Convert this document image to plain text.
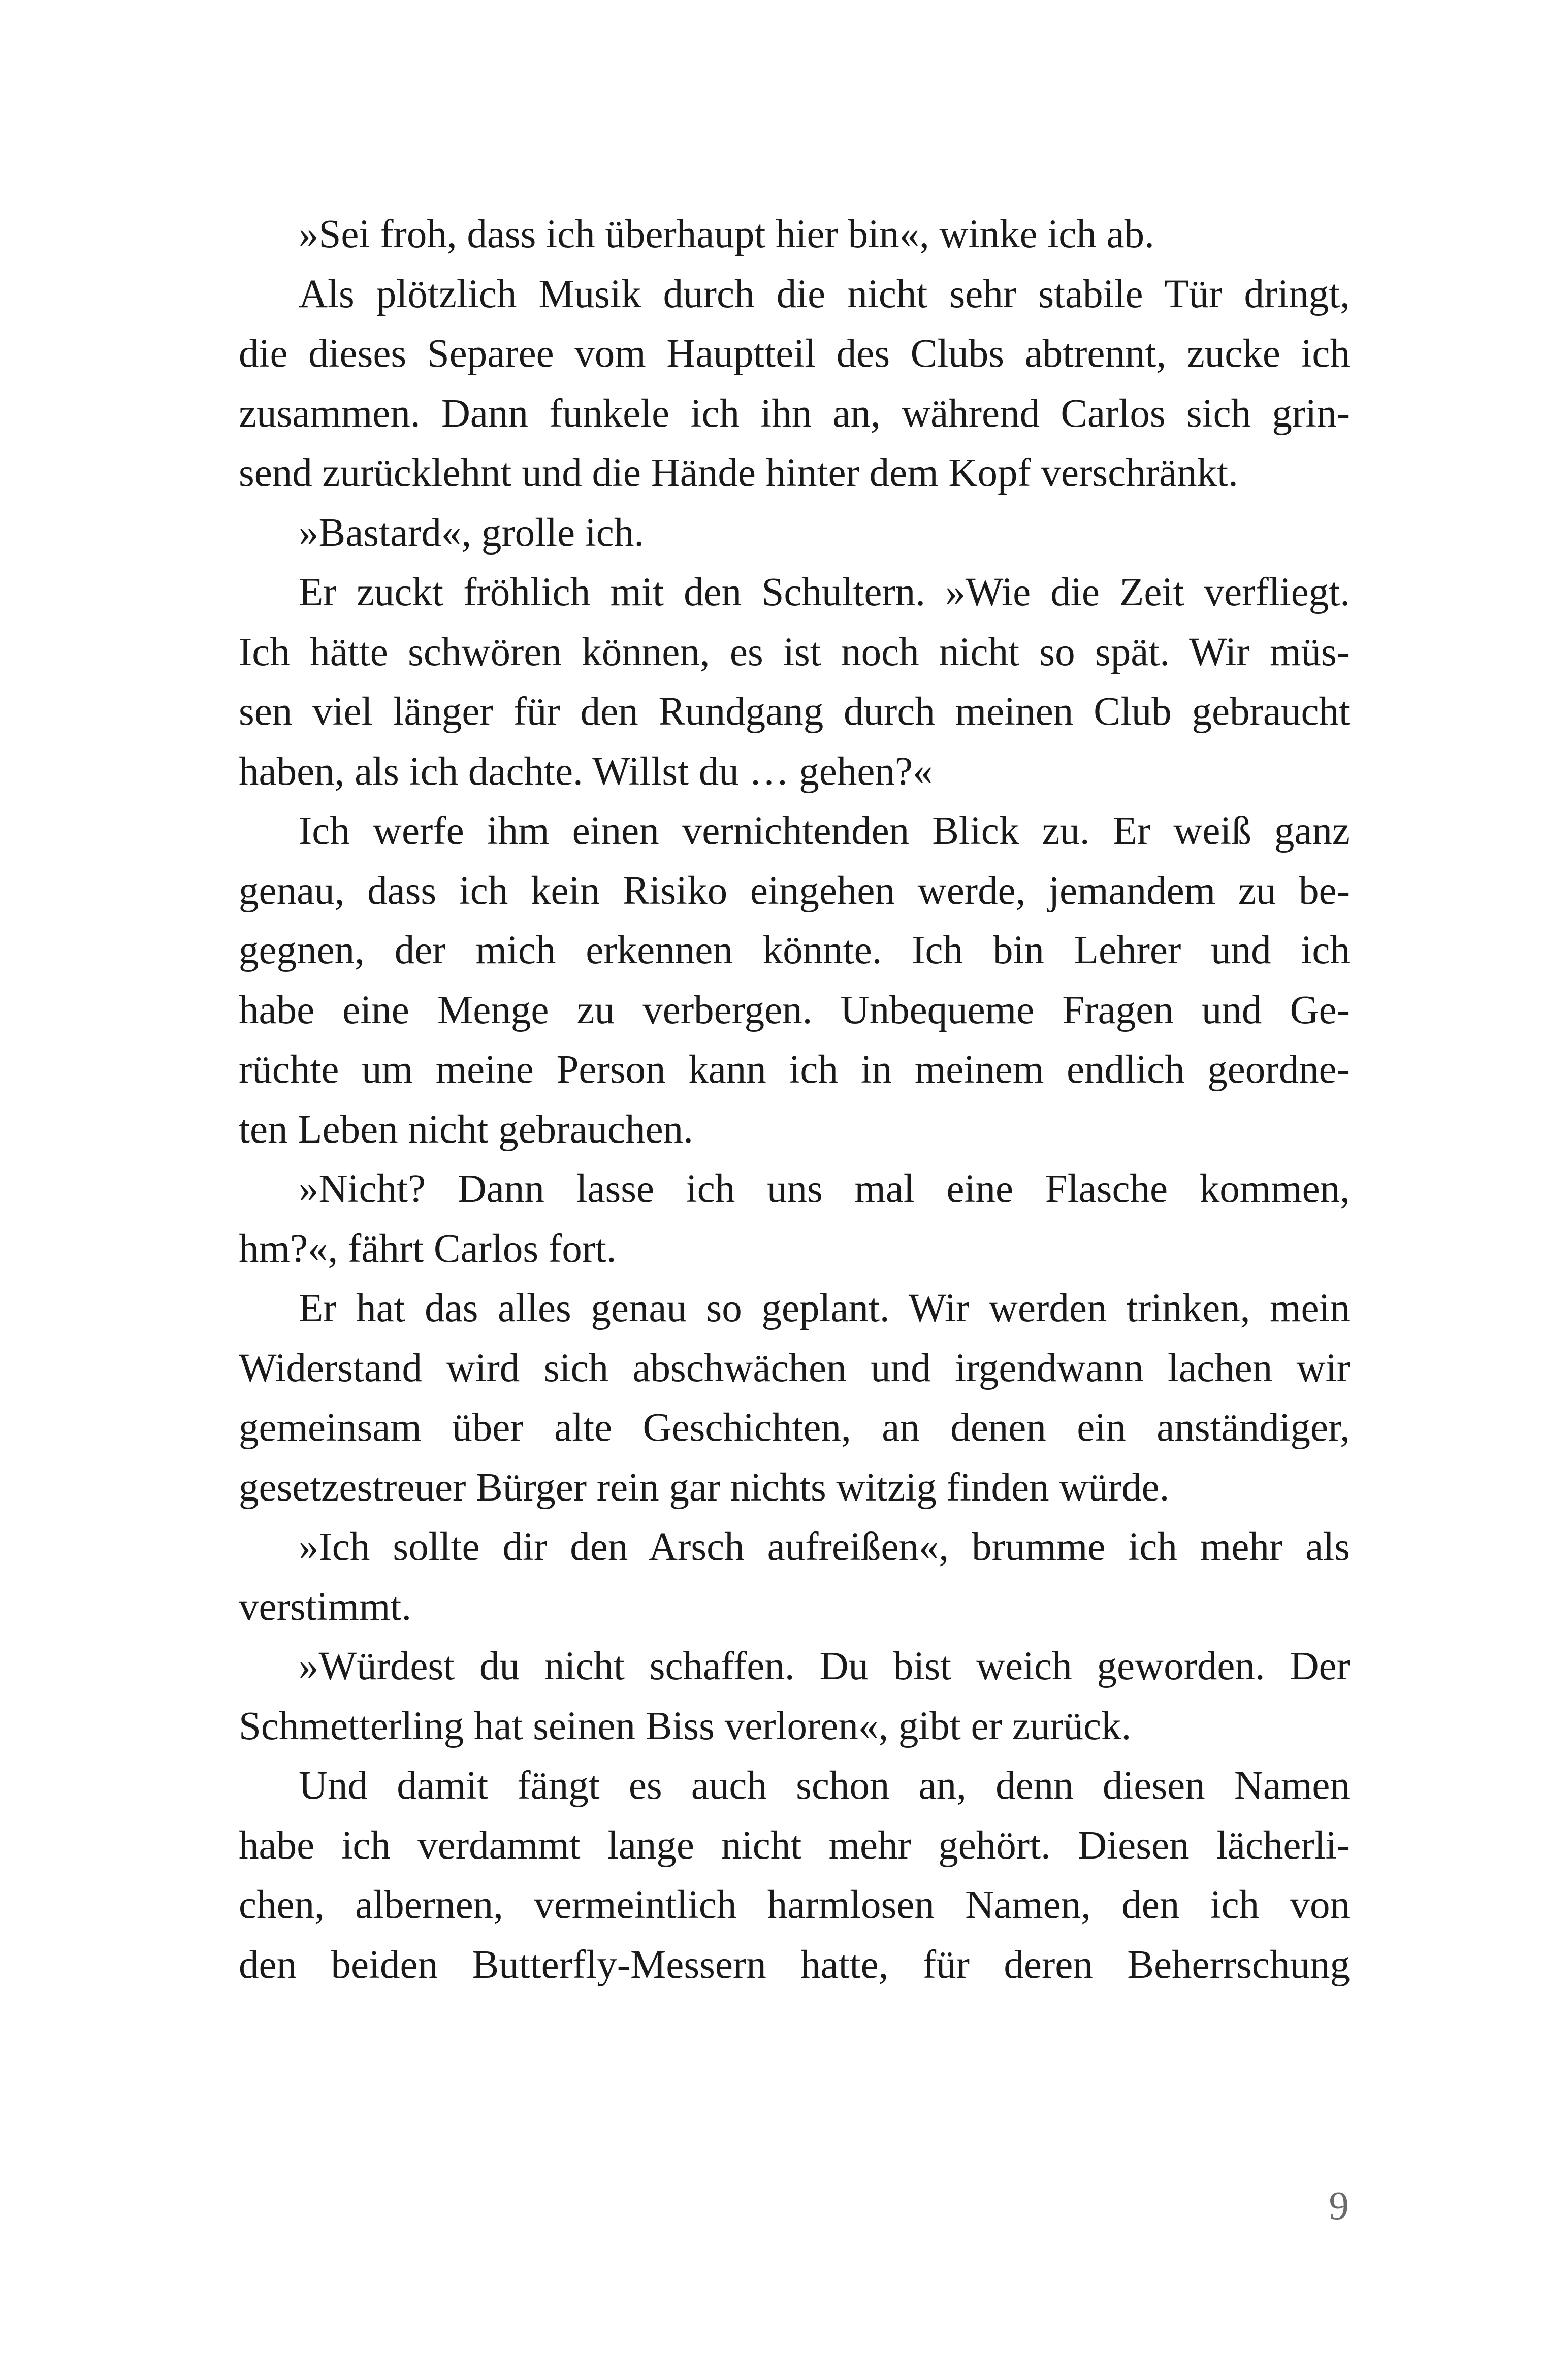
»Sei froh, dass ich überhaupt hier bin«, winke ich ab.
Als plötzlich Musik durch die nicht sehr stabile Tür dringt,
die dieses Separee vom Hauptteil des Clubs abtrennt, zucke ich
zusammen. Dann funkele ich ihn an, während Carlos sich grin-
send zurücklehnt und die Hände hinter dem Kopf verschränkt.
»Bastard«, grolle ich.
Er zuckt fröhlich mit den Schultern. »Wie die Zeit verfliegt.
Ich hätte schwören können, es ist noch nicht so spät. Wir müs-
sen viel länger für den Rundgang durch meinen Club gebraucht
haben, als ich dachte. Willst du … gehen?«
Ich werfe ihm einen vernichtenden Blick zu. Er weiß ganz
genau, dass ich kein Risiko eingehen werde, jemandem zu be-
gegnen, der mich erkennen könnte. Ich bin Lehrer und ich
habe eine Menge zu verbergen. Unbequeme Fragen und Ge-
rüchte um meine Person kann ich in meinem endlich geordne-
ten Leben nicht gebrauchen.
»Nicht? Dann lasse ich uns mal eine Flasche kommen,
hm?«, fährt Carlos fort.
Er hat das alles genau so geplant. Wir werden trinken, mein
Widerstand wird sich abschwächen und irgendwann lachen wir
gemeinsam über alte Geschichten, an denen ein anständiger,
gesetzestreuer Bürger rein gar nichts witzig finden würde.
»Ich sollte dir den Arsch aufreißen«, brumme ich mehr als
verstimmt.
»Würdest du nicht schaffen. Du bist weich geworden. Der
Schmetterling hat seinen Biss verloren«, gibt er zurück.
Und damit fängt es auch schon an, denn diesen Namen
habe ich verdammt lange nicht mehr gehört. Diesen lächerli-
chen, albernen, vermeintlich harmlosen Namen, den ich von
den beiden Butterfly-Messern hatte, für deren Beherrschung
9
